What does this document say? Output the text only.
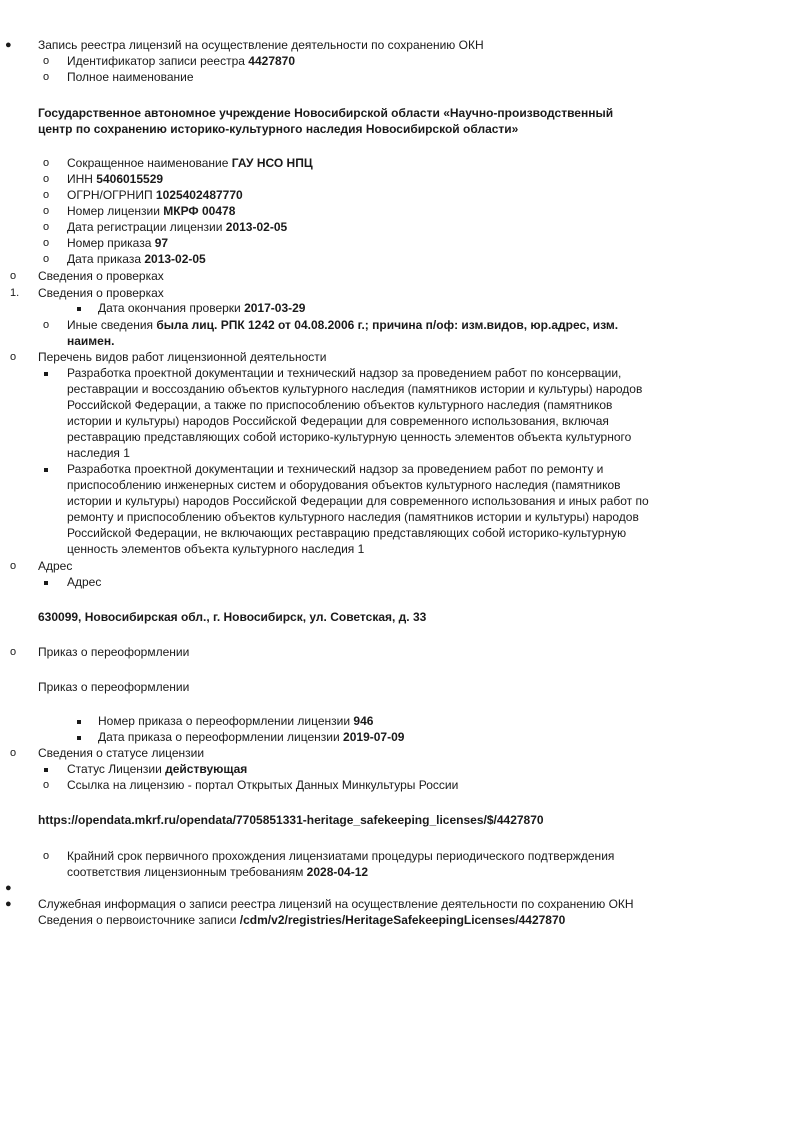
● Запись реестра лицензий на осуществление деятельности по сохранению ОКН
o Идентификатор записи реестра 4427870
o Полное наименование
Государственное автономное учреждение Новосибирской области «Научно-производственный
центр по сохранению историко-культурного наследия Новосибирской области»
o Сокращенное наименование ГАУ НСО НПЦ
o ИНН 5406015529
o ОГРН/ОГРНИП 1025402487770
o Номер лицензии МКРФ 00478
o Дата регистрации лицензии 2013-02-05
o Номер приказа 97
o Дата приказа 2013-02-05
o Сведения о проверках
1. Сведения о проверках
Дата окончания проверки 2017-03-29
o Иные сведения была лиц. РПК 1242 от 04.08.2006 г.; причина п/оф: изм.видов, юр.адрес, изм.
наимен.
o Перечень видов работ лицензионной деятельности
Разработка проектной документации и технический надзор за проведением работ по консервации,
реставрации и воссозданию объектов культурного наследия (памятников истории и культуры) народов
Российской Федерации, а также по приспособлению объектов культурного наследия (памятников
истории и культуры) народов Российской Федерации для современного использования, включая
реставрацию представляющих собой историко-культурную ценность элементов объекта культурного
наследия 1
Разработка проектной документации и технический надзор за проведением работ по ремонту и
приспособлению инженерных систем и оборудования объектов культурного наследия (памятников
истории и культуры) народов Российской Федерации для современного использования и иных работ по
ремонту и приспособлению объектов культурного наследия (памятников истории и культуры) народов
Российской Федерации, не включающих реставрацию представляющих собой историко-культурную
ценность элементов объекта культурного наследия 1
o Адрес
Адрес
630099, Новосибирская обл., г. Новосибирск, ул. Советская, д. 33
o Приказ о переоформлении
Приказ о переоформлении
Номер приказа о переоформлении лицензии 946
Дата приказа о переоформлении лицензии 2019-07-09
o Сведения о статусе лицензии
Статус Лицензии действующая
o Ссылка на лицензию - портал Открытых Данных Минкультуры России
https://opendata.mkrf.ru/opendata/7705851331-heritage_safekeeping_licenses/$/4427870
o Крайний срок первичного прохождения лицензиатами процедуры периодического подтверждения
соответствия лицензионным требованиям 2028-04-12
●
● Служебная информация о записи реестра лицензий на осуществление деятельности по сохранению ОКН
Сведения о первоисточнике записи /cdm/v2/registries/HeritageSafekeepingLicenses/4427870
